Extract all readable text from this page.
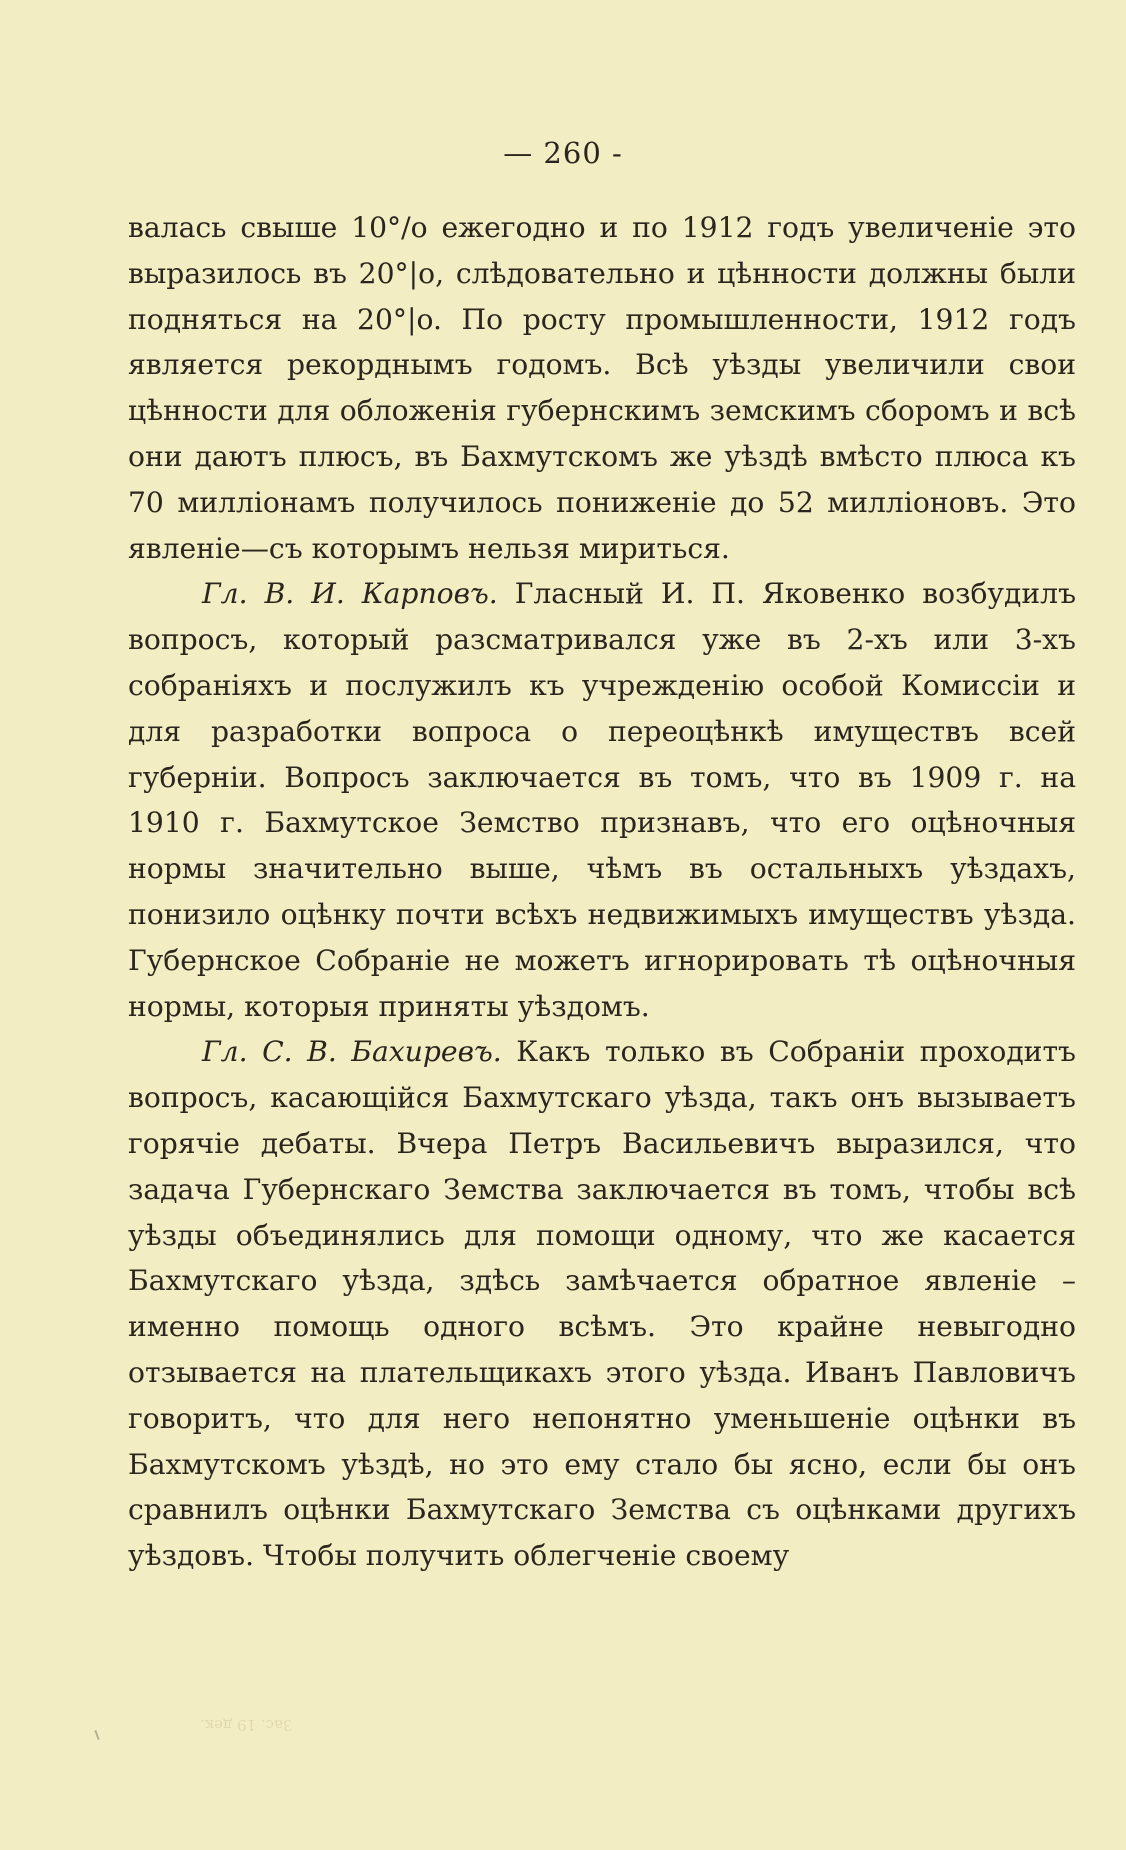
— 260 -

валась свыше 10°/o ежегодно и по 1912 годъ увеличеніе это выразилось въ 20°|o, слѣдовательно и цѣнности должны были подняться на 20°|o. По росту промышленности, 1912 годъ является рекорднымъ годомъ. Всѣ уѣзды увеличили свои цѣнности для обложенія губернскимъ земскимъ сборомъ и всѣ они даютъ плюсъ, въ Бахмутскомъ же уѣздѣ вмѣсто плюса къ 70 милліонамъ получилось пониженіе до 52 милліоновъ. Это явленіе—съ которымъ нельзя мириться.

Гл. В. И. Карповъ. Гласный И. П. Яковенко возбудилъ вопросъ, который разсматривался уже въ 2-хъ или 3-хъ собраніяхъ и послужилъ къ учрежденію особой Комиссіи и для разработки вопроса о переоцѣнкѣ имуществъ всей губерніи. Вопросъ заключается въ томъ, что въ 1909 г. на 1910 г. Бахмутское Земство признавъ, что его оцѣночныя нормы значительно выше, чѣмъ въ остальныхъ уѣздахъ, понизило оцѣнку почти всѣхъ недвижимыхъ имуществъ уѣзда. Губернское Собраніе не можетъ игнорировать тѣ оцѣночныя нормы, которыя приняты уѣздомъ.

Гл. С. В. Бахиревъ. Какъ только въ Собраніи проходитъ вопросъ, касающійся Бахмутскаго уѣзда, такъ онъ вызываетъ горячіе дебаты. Вчера Петръ Васильевичъ выразился, что задача Губернскаго Земства заключается въ томъ, чтобы всѣ уѣзды объединялись для помощи одному, что же касается Бахмутскаго уѣзда, здѣсь замѣчается обратное явленіе – именно помощь одного всѣмъ. Это крайне невыгодно отзывается на плательщикахъ этого уѣзда. Иванъ Павловичъ говоритъ, что для него непонятно уменьшеніе оцѣнки въ Бахмутскомъ уѣздѣ, но это ему стало бы ясно, если бы онъ сравнилъ оцѣнки Бахмутскаго Земства съ оцѣнками другихъ уѣздовъ. Чтобы получить облегченіе своему

Зас. 19 дек.
